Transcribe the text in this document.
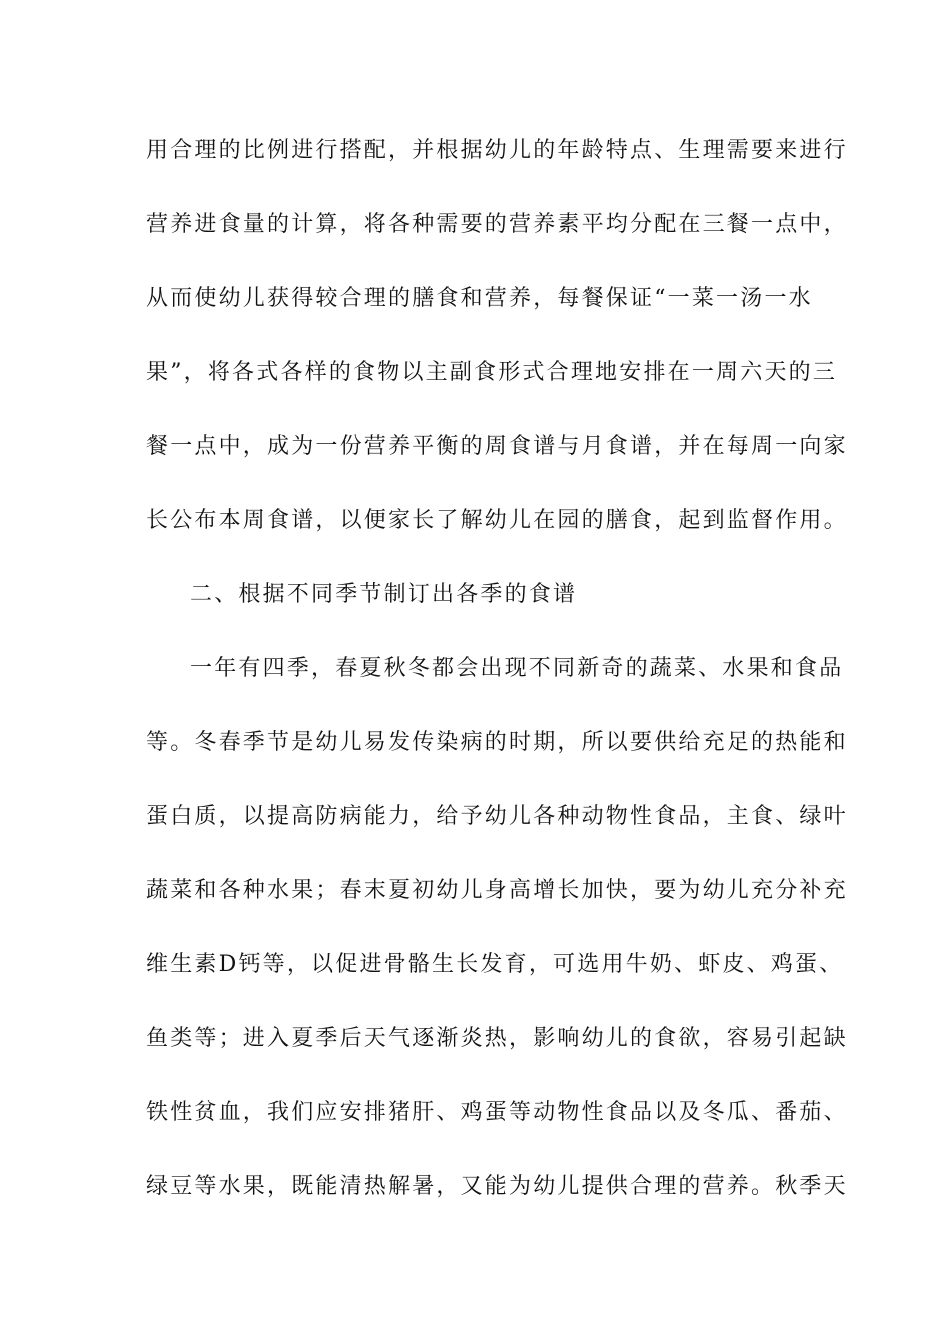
用合理的比例进行搭配，并根据幼儿的年龄特点、生理需要来进行
营养进食量的计算，将各种需要的营养素平均分配在三餐一点中，
从而使幼儿获得较合理的膳食和营养，每餐保证“一菜一汤一水
果”，将各式各样的食物以主副食形式合理地安排在一周六天的三
餐一点中，成为一份营养平衡的周食谱与月食谱，并在每周一向家
长公布本周食谱，以便家长了解幼儿在园的膳食，起到监督作用。
二、根据不同季节制订出各季的食谱
一年有四季，春夏秋冬都会出现不同新奇的蔬菜、水果和食品
等。冬春季节是幼儿易发传染病的时期，所以要供给充足的热能和
蛋白质，以提高防病能力，给予幼儿各种动物性食品，主食、绿叶
蔬菜和各种水果；春末夏初幼儿身高增长加快，要为幼儿充分补充
维生素D钙等，以促进骨骼生长发育，可选用牛奶、虾皮、鸡蛋、
鱼类等；进入夏季后天气逐渐炎热，影响幼儿的食欲，容易引起缺
铁性贫血，我们应安排猪肝、鸡蛋等动物性食品以及冬瓜、番茄、
绿豆等水果，既能清热解暑，又能为幼儿提供合理的营养。秋季天
